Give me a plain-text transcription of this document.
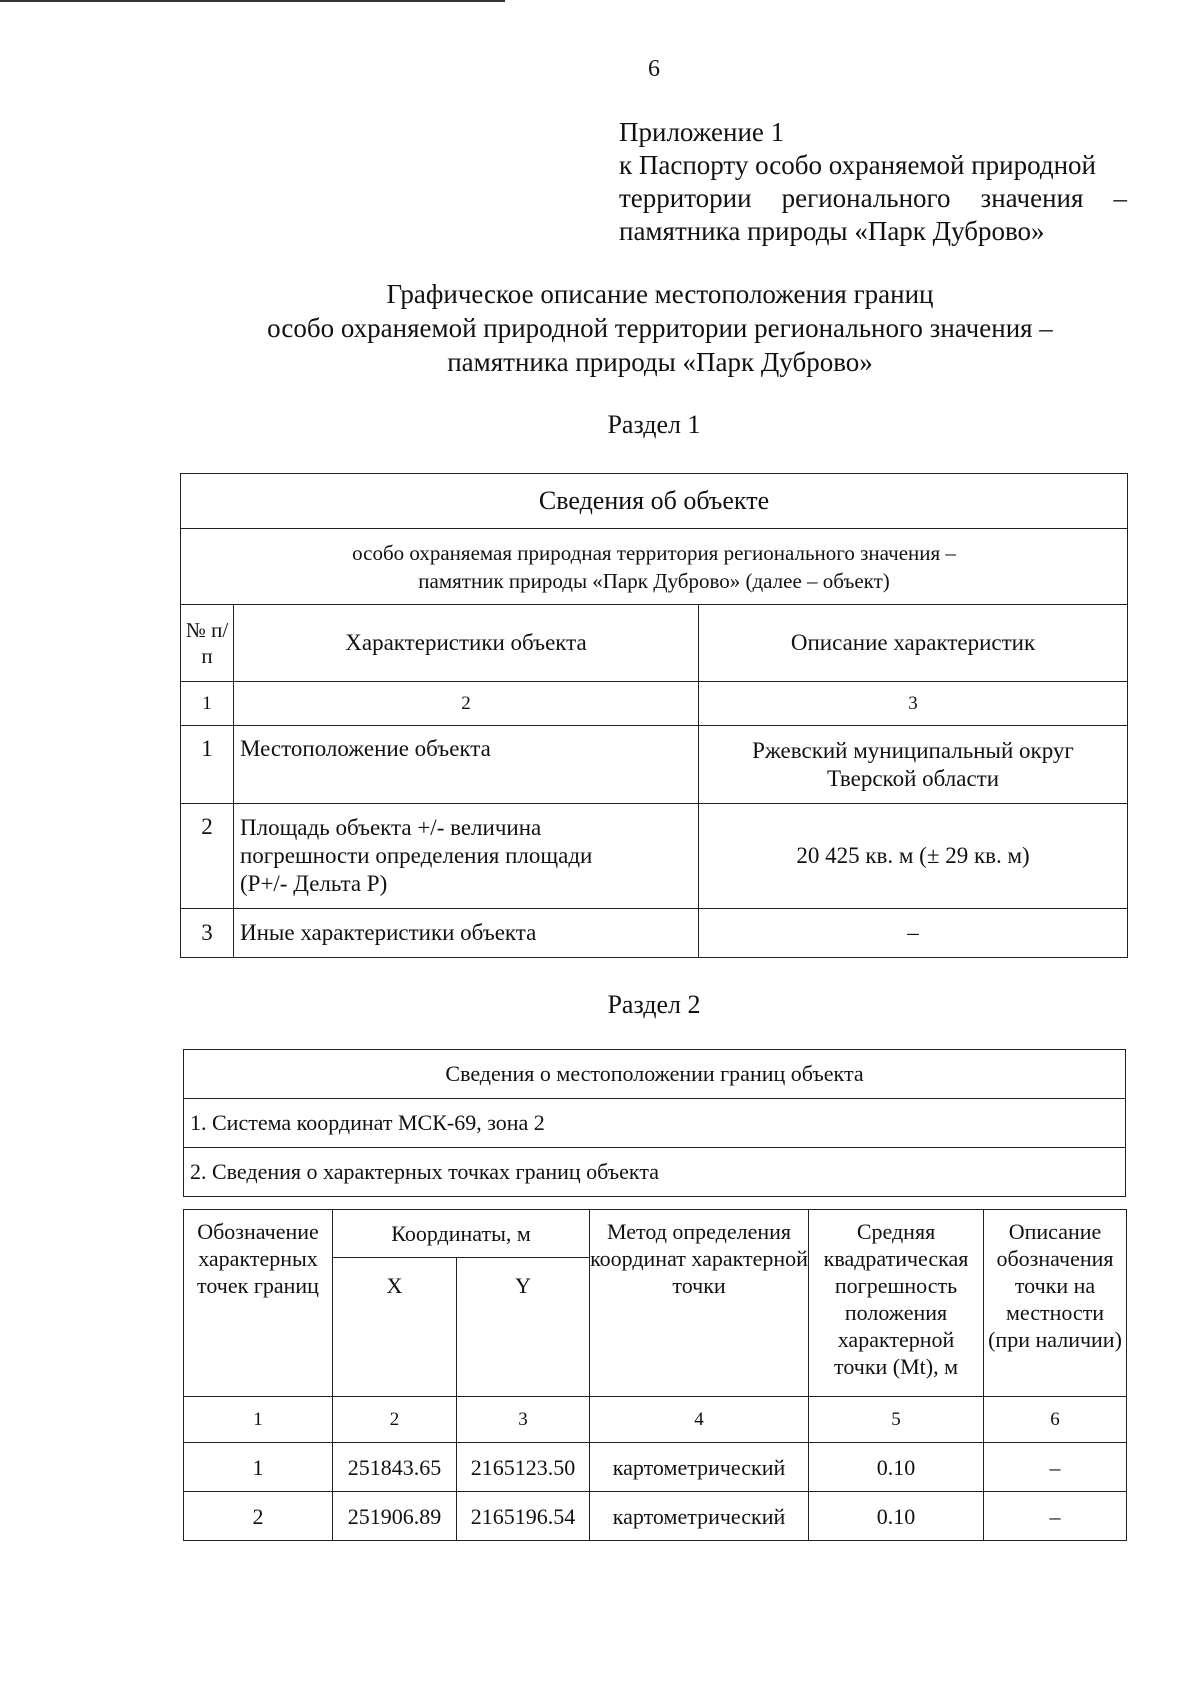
6
Приложение 1
к Паспорту особо охраняемой природной
территории регионального значения –
памятника природы «Парк Дуброво»
Графическое описание местоположения границ
особо охраняемой природной территории регионального значения –
памятника природы «Парк Дуброво»
Раздел 1
Сведения об объекте		

особо охраняемая природная территория регионального значения –
памятник природы «Парк Дуброво» (далее – объект)		

№ п/п	Характеристики объекта	Описание характеристик
1	2	3
1	Местоположение объекта	Ржевский муниципальный округ
Тверской области

2	Площадь объекта +/- величина
погрешности определения площади
(P+/- Дельта P)	20 425 кв. м (± 29 кв. м)
3	Иные характеристики объекта	–
Раздел 2
Сведения о местоположении границ объекта
1. Система координат МСК-69, зона 2
2. Сведения о характерных точках границ объекта
Обозначение характерных точек границ	Координаты, м		Метод определения координат характерной точки	Средняя квадратическая погрешность положения характерной точки (Mt), м	Описание обозначения точки на местности (при наличии)
	X	Y			
1	2	3	4	5	6
1	251843.65	2165123.50	картометрический	0.10	–
2	251906.89	2165196.54	картометрический	0.10	–
